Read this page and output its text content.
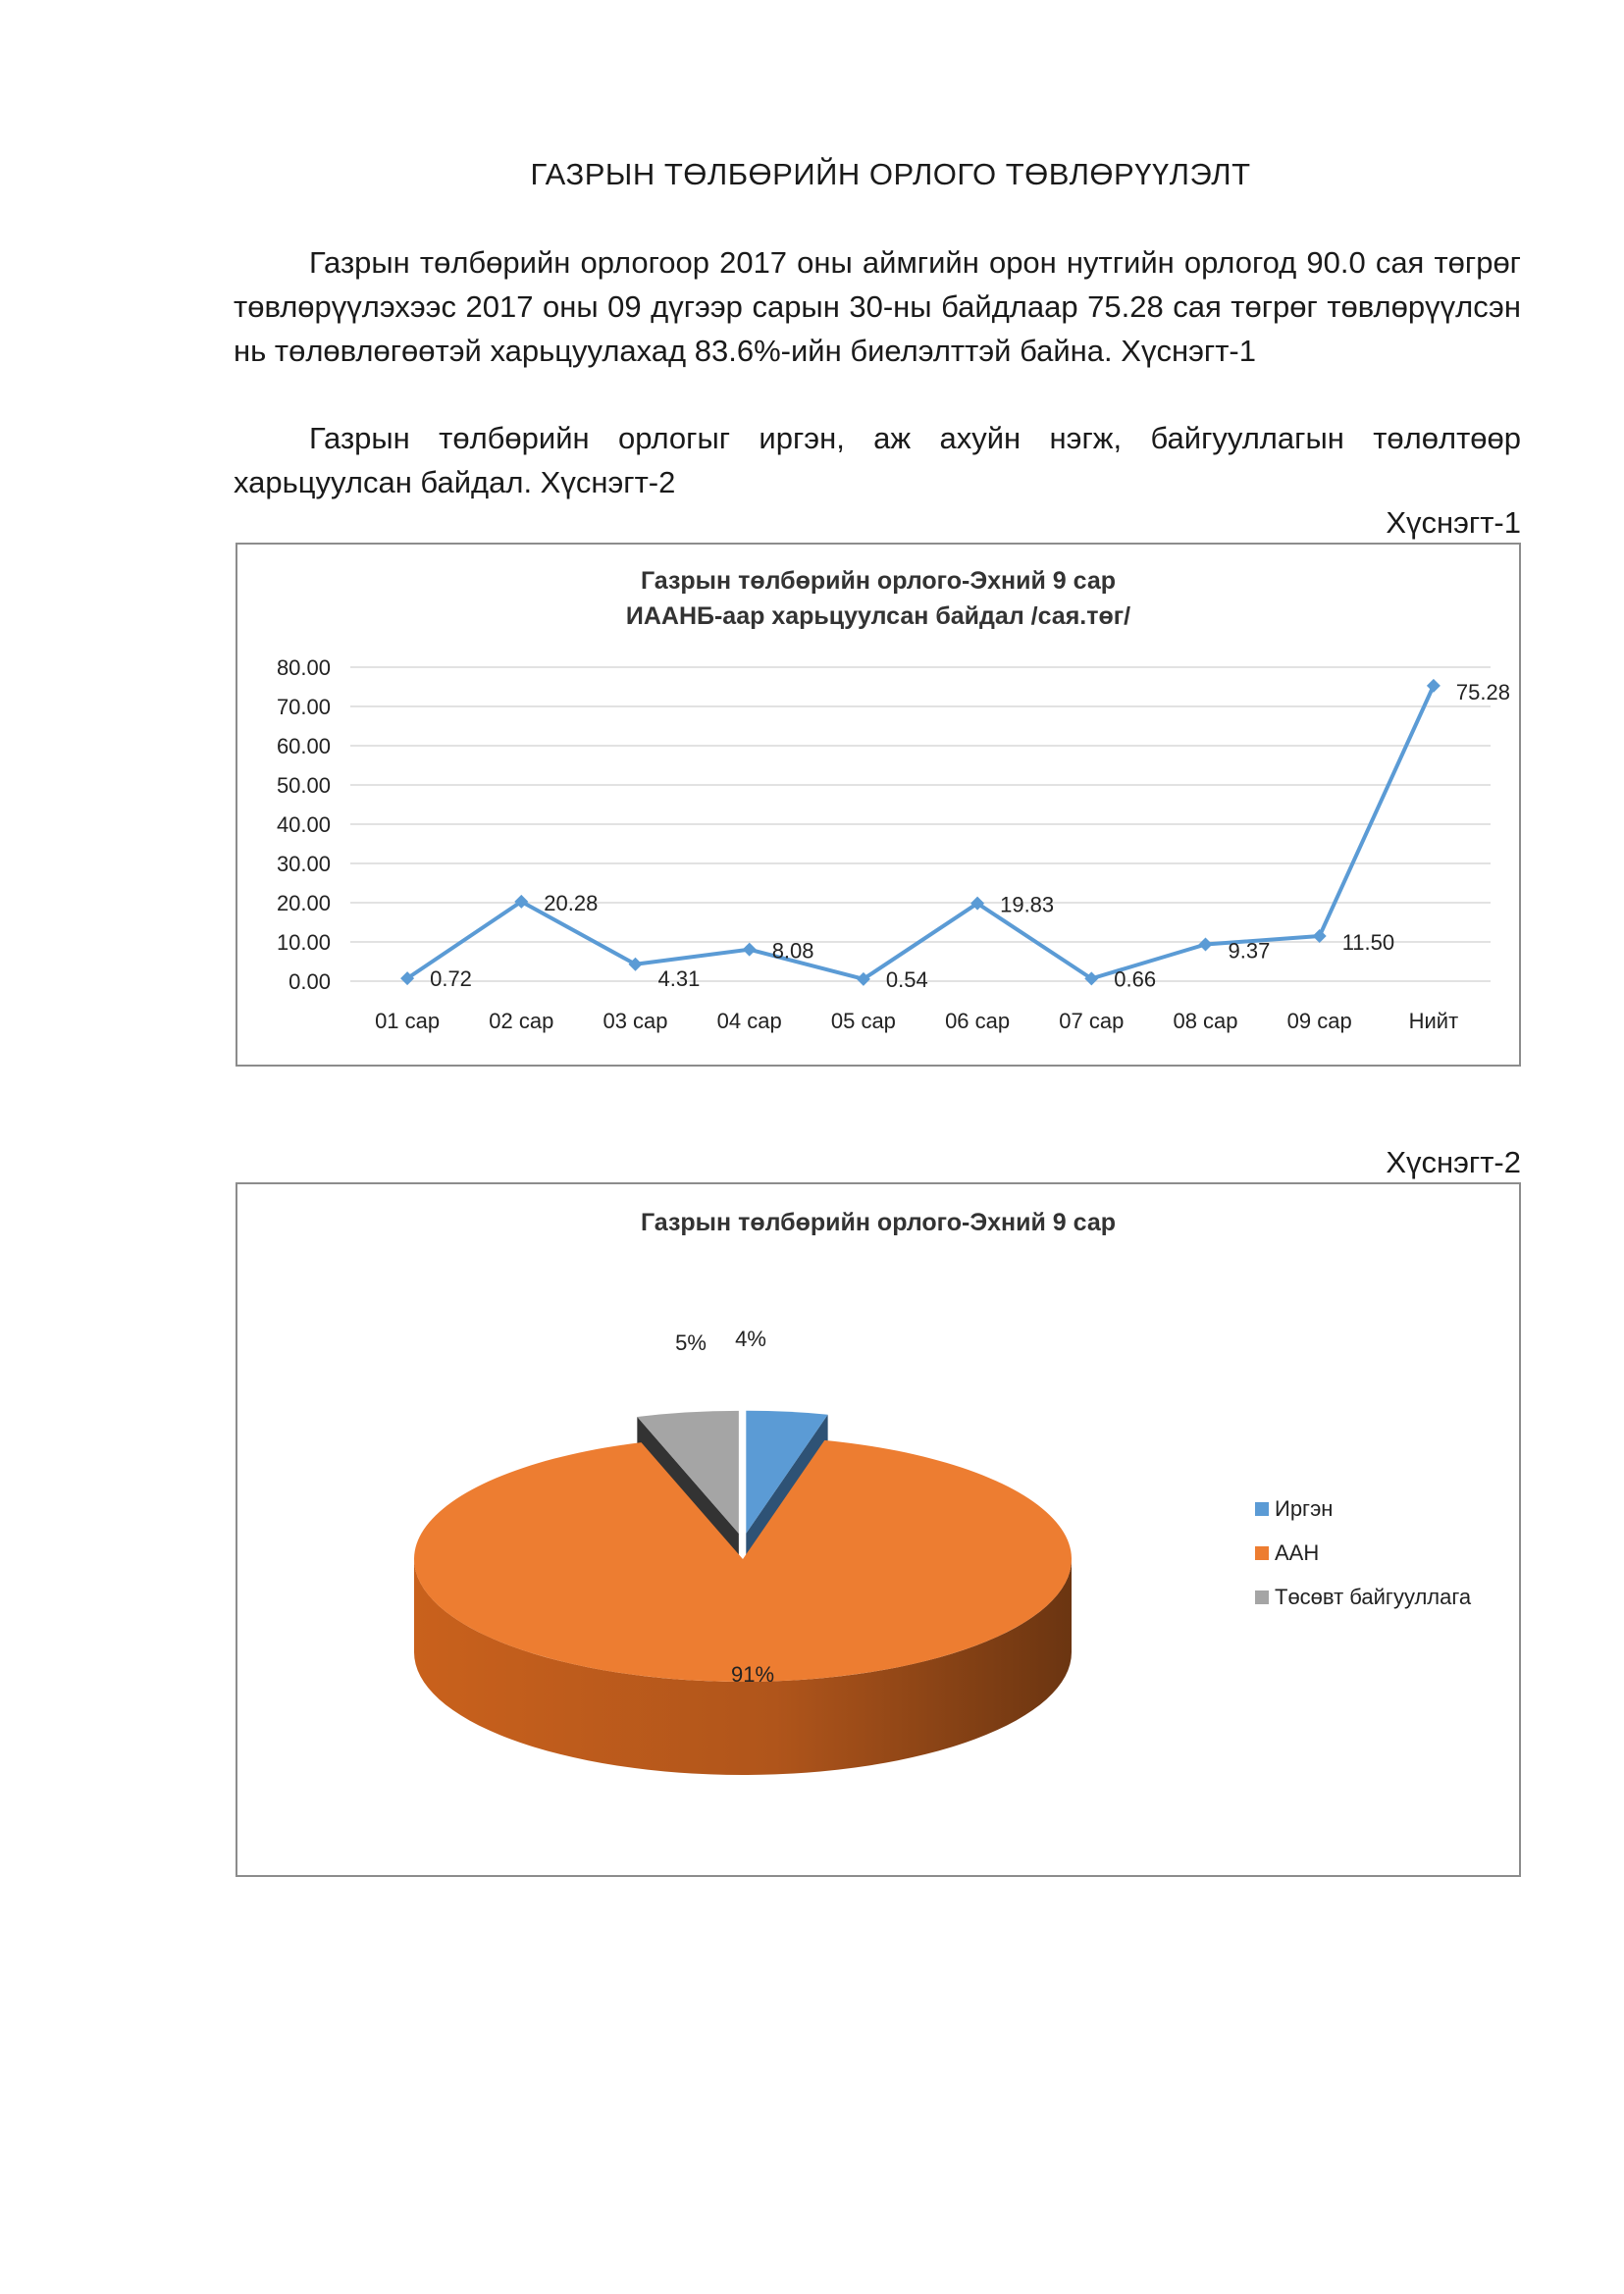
ГАЗРЫН ТӨЛБӨРИЙН ОРЛОГО ТӨВЛӨРҮҮЛЭЛТ

Газрын төлбөрийн орлогоор 2017 оны аймгийн орон нутгийн орлогод 90.0 сая төгрөг төвлөрүүлэхээс 2017 оны 09 дүгээр сарын 30-ны байдлаар 75.28 сая төгрөг төвлөрүүлсэн нь төлөвлөгөөтэй харьцуулахад 83.6%-ийн биелэлттэй байна. Хүснэгт-1

Газрын төлбөрийн орлогыг иргэн, аж ахуйн нэгж, байгууллагын төлөлтөөр харьцуулсан байдал. Хүснэгт-2

Хүснэгт-1
Газрын төлбөрийн орлого-Эхний 9 сар
ИААНБ-аар харьцуулсан байдал /сая.төг/
0.00
10.00
20.00
30.00
40.00
50.00
60.00
70.00
80.00
01 сар 02 сар 03 сар 04 сар 05 сар 06 сар 07 сар 08 сар 09 сар	Нийт
0.72
20.28
4.31
8.08
0.54
19.83
0.66
9.37	11.50
75.28
Хүснэгт-2
Газрын төлбөрийн орлого-Эхний 9 сар
4%
91%
5%
Иргэн
ААН
Төсөвт байгууллага
